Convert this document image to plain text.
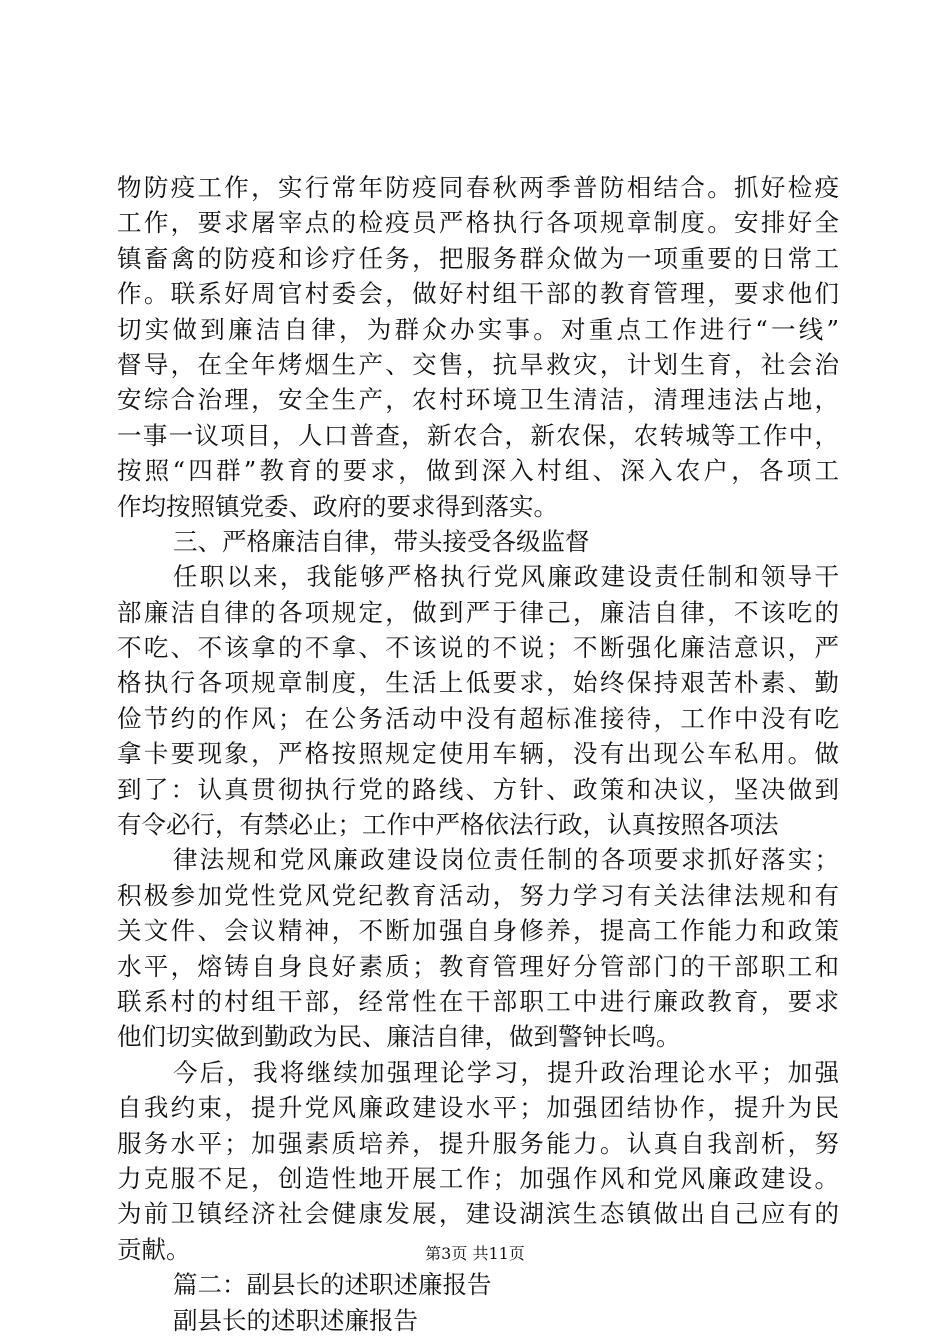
物防疫工作，实行常年防疫同春秋两季普防相结合。抓好检疫
工作，要求屠宰点的检疫员严格执行各项规章制度。安排好全
镇畜禽的防疫和诊疗任务，把服务群众做为一项重要的日常工
作。联系好周官村委会，做好村组干部的教育管理，要求他们
切实做到廉洁自律，为群众办实事。对重点工作进行“一线”
督导，在全年烤烟生产、交售，抗旱救灾，计划生育，社会治
安综合治理，安全生产，农村环境卫生清洁，清理违法占地，
一事一议项目，人口普查，新农合，新农保，农转城等工作中，
按照“四群”教育的要求，做到深入村组、深入农户，各项工
作均按照镇党委、政府的要求得到落实。
三、严格廉洁自律，带头接受各级监督
任职以来，我能够严格执行党风廉政建设责任制和领导干
部廉洁自律的各项规定，做到严于律己，廉洁自律，不该吃的
不吃、不该拿的不拿、不该说的不说；不断强化廉洁意识，严
格执行各项规章制度，生活上低要求，始终保持艰苦朴素、勤
俭节约的作风；在公务活动中没有超标准接待，工作中没有吃
拿卡要现象，严格按照规定使用车辆，没有出现公车私用。做
到了：认真贯彻执行党的路线、方针、政策和决议，坚决做到
有令必行，有禁必止；工作中严格依法行政，认真按照各项法
律法规和党风廉政建设岗位责任制的各项要求抓好落实；
积极参加党性党风党纪教育活动，努力学习有关法律法规和有
关文件、会议精神，不断加强自身修养，提高工作能力和政策
水平，熔铸自身良好素质；教育管理好分管部门的干部职工和
联系村的村组干部，经常性在干部职工中进行廉政教育，要求
他们切实做到勤政为民、廉洁自律，做到警钟长鸣。
今后，我将继续加强理论学习，提升政治理论水平；加强
自我约束，提升党风廉政建设水平；加强团结协作，提升为民
服务水平；加强素质培养，提升服务能力。认真自我剖析，努
力克服不足，创造性地开展工作；加强作风和党风廉政建设。
为前卫镇经济社会健康发展，建设湖滨生态镇做出自己应有的
贡献。
篇二：副县长的述职述廉报告
副县长的述职述廉报告
第3页 共11页
